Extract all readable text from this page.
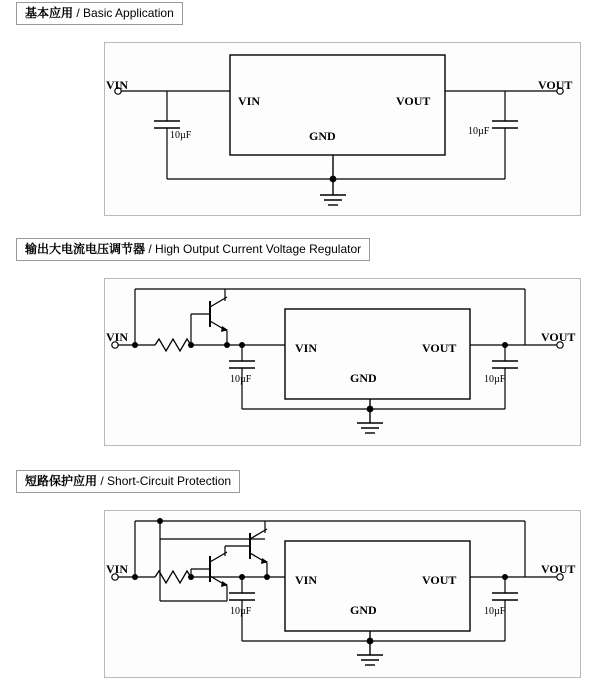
基本应用 / Basic Application
VIN	VOUT
VIN	VOUT
GND
10µF	10µF
输出大电流电压调节器 / High Output Current Voltage Regulator
VIN	VOUT
VIN	VOUT
GND
10µF	10µF
短路保护应用 / Short-Circuit Protection
VIN	VOUT
VIN	VOUT
GND
10µF	10µF
